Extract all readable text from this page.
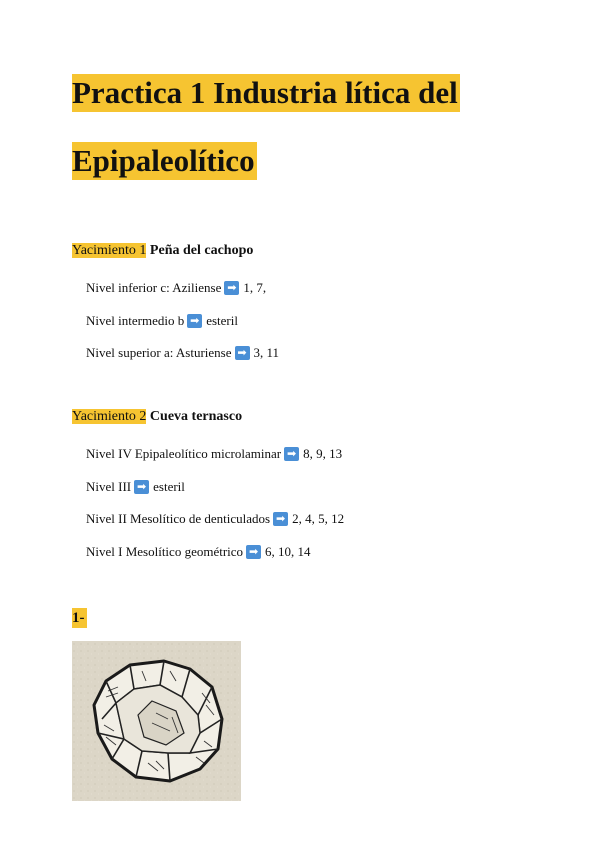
Practica 1 Industria lítica del
Epipaleolítico
Yacimiento 1 Peña del cachopo
Nivel inferior c: Aziliense ➡ 1, 7,
Nivel intermedio b ➡ esteril
Nivel superior a: Asturiense ➡ 3, 11
Yacimiento 2 Cueva ternasco
Nivel IV Epipaleolítico microlaminar ➡ 8, 9, 13
Nivel III ➡ esteril
Nivel II Mesolítico de denticulados ➡ 2, 4, 5, 12
Nivel I Mesolítico geométrico ➡ 6, 10, 14
1-
